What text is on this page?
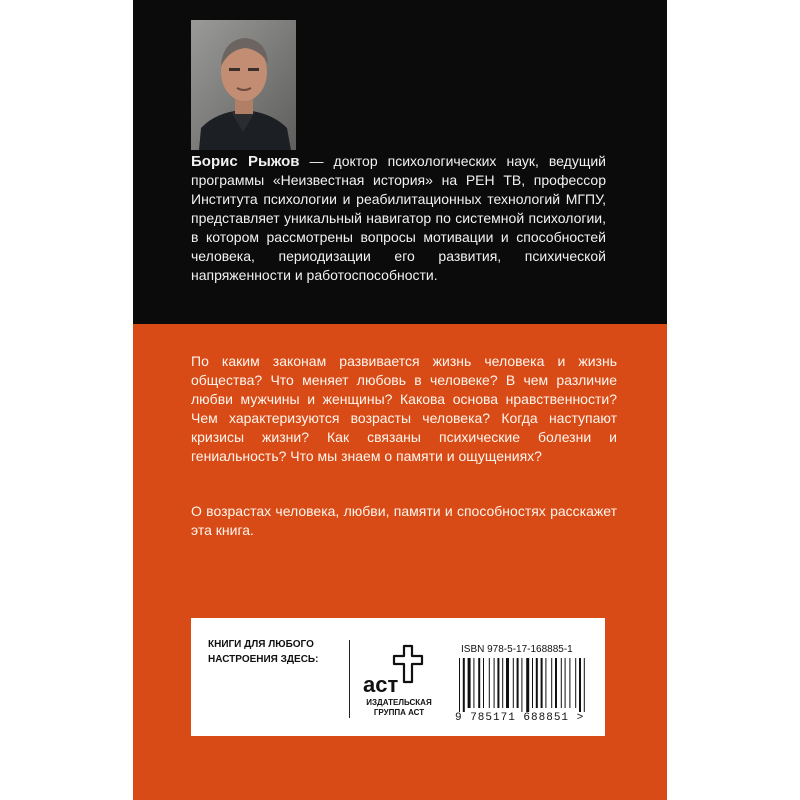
Борис Рыжов — доктор психологических наук, ведущий программы «Неизвестная история» на РЕН ТВ, профессор Института психологии и реабилитационных технологий МГПУ, представляет уникальный навигатор по системной психологии, в котором рассмотрены вопросы мотивации и способностей человека, периодизации его развития, психической напряженности и работоспособности.

По каким законам развивается жизнь человека и жизнь общества? Что меняет любовь в человеке? В чем различие любви мужчины и женщины? Какова основа нравственности? Чем характеризуются возрасты человека? Когда наступают кризисы жизни? Как связаны психические болезни и гениальность? Что мы знаем о памяти и ощущениях?

О возрастах человека, любви, памяти и способностях расскажет эта книга.

КНИГИ ДЛЯ ЛЮБОГО НАСТРОЕНИЯ ЗДЕСЬ:

аст

ИЗДАТЕЛЬСКАЯ ГРУППА АСТ

ISBN 978-5-17-168885-1
9 785171 688851 >
